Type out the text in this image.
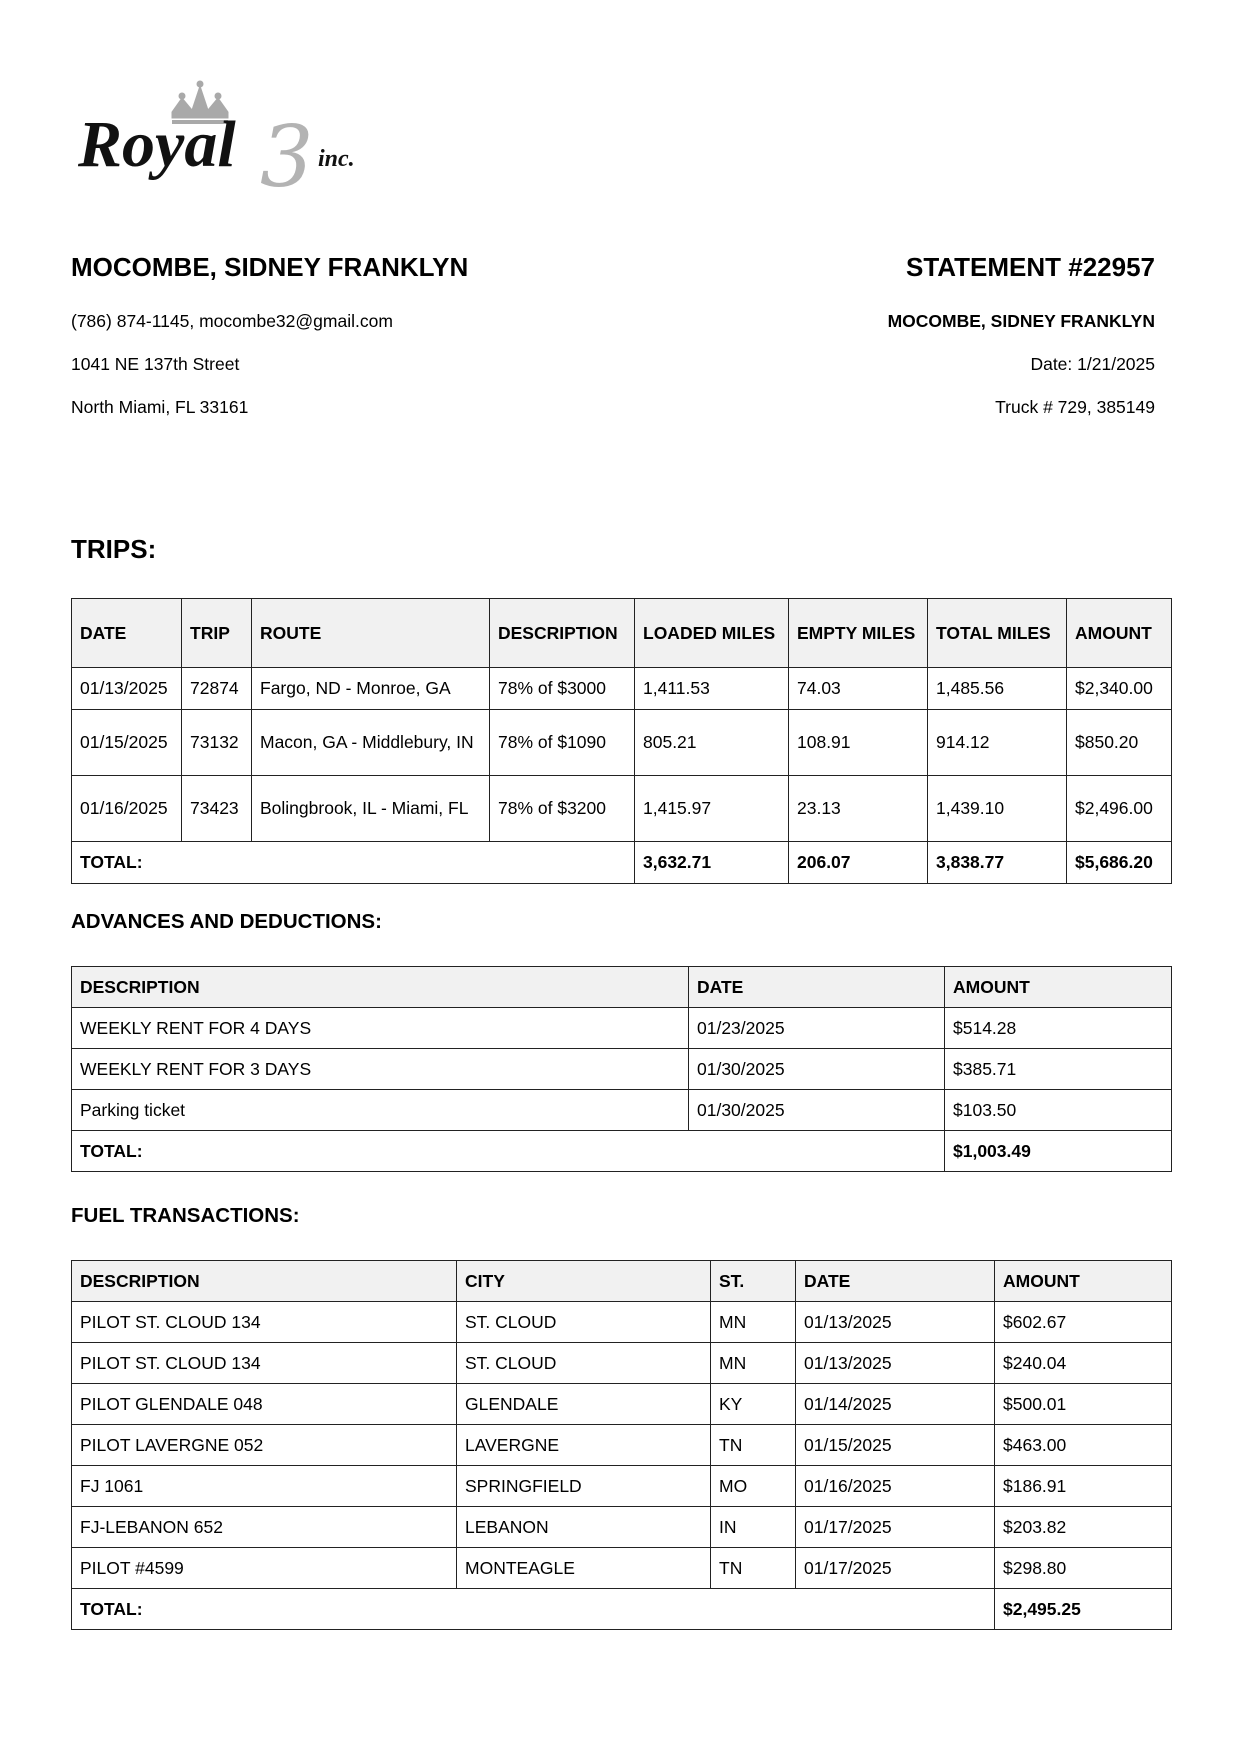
3
Royal	inc.
MOCOMBE, SIDNEY FRANKLYN
(786) 874-1145, mocombe32@gmail.com
1041 NE 137th Street
North Miami, FL 33161
STATEMENT #22957
MOCOMBE, SIDNEY FRANKLYN
Date: 1/21/2025
Truck # 729, 385149
TRIPS:
DATE	TRIP	ROUTE	DESCRIPTION	LOADED MILES	EMPTY MILES	TOTAL MILES	AMOUNT
01/13/2025	72874	Fargo, ND - Monroe, GA	78% of $3000	1,411.53	74.03	1,485.56	$2,340.00
01/15/2025	73132	Macon, GA - Middlebury, IN	78% of $1090	805.21	108.91	914.12	$850.20
01/16/2025	73423	Bolingbrook, IL - Miami, FL	78% of $3200	1,415.97	23.13	1,439.10	$2,496.00
TOTAL:				3,632.71	206.07	3,838.77	$5,686.20
ADVANCES AND DEDUCTIONS:
DESCRIPTION	DATE	AMOUNT
WEEKLY RENT FOR 4 DAYS	01/23/2025	$514.28
WEEKLY RENT FOR 3 DAYS	01/30/2025	$385.71
Parking ticket	01/30/2025	$103.50
TOTAL:		$1,003.49
FUEL TRANSACTIONS:
DESCRIPTION	CITY	ST.	DATE	AMOUNT
PILOT ST. CLOUD 134	ST. CLOUD	MN	01/13/2025	$602.67
PILOT ST. CLOUD 134	ST. CLOUD	MN	01/13/2025	$240.04
PILOT GLENDALE 048	GLENDALE	KY	01/14/2025	$500.01
PILOT LAVERGNE 052	LAVERGNE	TN	01/15/2025	$463.00
FJ 1061	SPRINGFIELD	MO	01/16/2025	$186.91
FJ-LEBANON 652	LEBANON	IN	01/17/2025	$203.82
PILOT #4599	MONTEAGLE	TN	01/17/2025	$298.80
TOTAL:				$2,495.25
